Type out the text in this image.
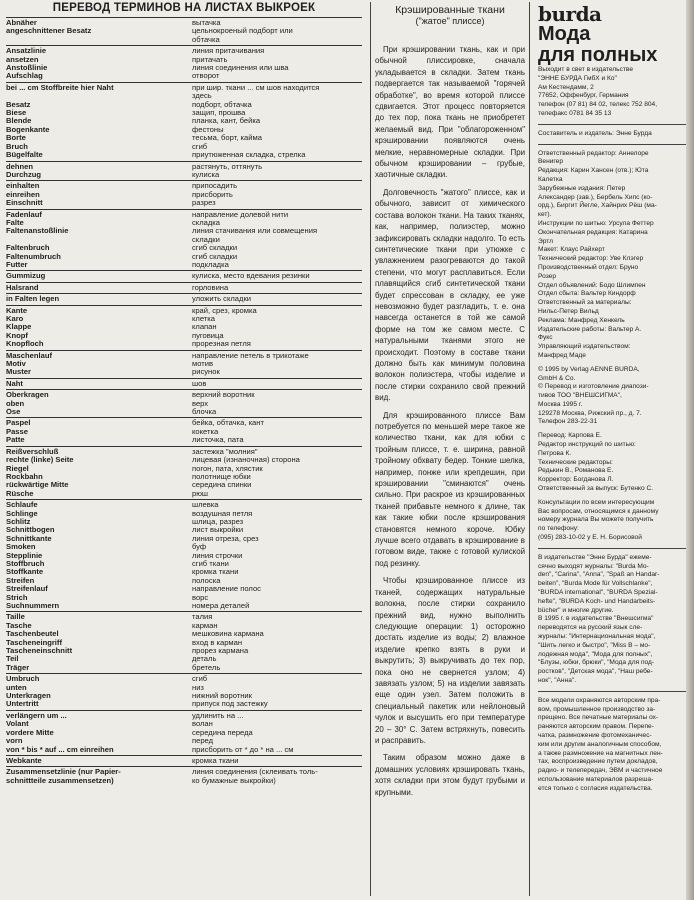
ПЕРЕВОД ТЕРМИНОВ НА ЛИСТАХ ВЫКРОЕК
Abnäher	вытачка
angeschnittener Besatz	цельнокроеный подборт или
обтачка
Ansatzlinie	линия притачивания
ansetzen	притачать
Anstoßlinie	линия соединения или шва
Aufschlag	отворот
bei ... cm Stoffbreite hier Naht	при шир. ткани ... см шов находится
здесь
Besatz	подборт, обтачка
Biese	защип, прошва
Blende	планка, кант, бейка
Bogenkante	фестоны
Borte	тесьма, борт, каймa
Bruch	сгиб
Bügelfalte	приутюженная складка, стрелка
dehnen	растянуть, оттянуть
Durchzug	кулиска
einhalten	припосадить
einreihen	присборить
Einschnitt	разрез
Fadenlauf	направление долевой нити
Falte	складка
Faltenanstoßlinie	линия стачивания или совмещения
складки
Faltenbruch	сгиб складки
Faltenumbruch	сгиб складки
Futter	подкладка
Gummizug	кулиска, место вдевания резинки
Halsrand	горловина
in Falten legen	уложить складки
Kante	край, срез, кромка
Karo	клетка
Klappe	клапан
Knopf	пуговица
Knopfloch	прорезная петля
Maschenlauf	направление петель в трикотаже
Motiv	мотив
Muster	рисунок
Naht	шов
Oberkragen	верхний воротник
oben	верх
Öse	блочка
Paspel	бейка, обтачка, кант
Passe	кокетка
Patte	листочка, пата
Reißverschluß	застежка "молния"
rechte (linke) Seite	лицевая (изнаночная) сторона
Riegel	погон, пата, хлястик
Rockbahn	полотнище юбки
rückwärtige Mitte	середина спинки
Rüsche	рюш
Schlaufe	шлевка
Schlinge	воздушная петля
Schlitz	шлица, разрез
Schnittbogen	лист выкройки
Schnittkante	линия отреза, срез
Smoken	буф
Stepplinie	линия строчки
Stoffbruch	сгиб ткани
Stoffkante	кромка ткани
Streifen	полоска
Streifenlauf	направление полос
Strich	ворс
Suchnummern	номера деталей
Taille	талия
Tasche	карман
Taschenbeutel	мешковина кармана
Tascheneingriff	вход в карман
Tascheneinschnitt	прорез кармана
Teil	деталь
Träger	бретель
Umbruch	сгиб
unten	низ
Unterkragen	нижний воротник
Untertritt	припуск под застежку
verlängern um ...	удлинить на ...
Volant	волан
vordere Mitte	середина переда
vorn	перед
von * bis * auf ... cm einreihen	присборить от * до * на ... см
Webkante	кромка ткани
Zusammensetzlinie (nur Papier-	линия соединения (склеивать толь-
schnittteile zusammensetzen)	ко бумажные выкройки)
Крэшированные ткани
("жатое" плиссе)

При крэшировании ткань, как и при обычной плиссировке, сначала укладывается в складки. Затем ткань подвергается так называемой "горячей обработке", во время которой плиссе сдвигается. Этот процесс повторяется до тех пор, пока ткань не приобретет желаемый вид. При "облагороженном" крэшировании появляются очень мелкие, неравномерные складки. При обычном крэшировании – грубые, хаотичные складки.

Долговечность "жатого" плиссе, как и обычного, зависит от химического состава волокон ткани. На таких тканях, как, например, полиэстер, можно зафиксировать складки надолго. То есть синтетические ткани при утюжке с увлажнением разогреваются до такой степени, что могут расплавиться. Если плавящийся сгиб синтетической ткани будет спрессован в складку, ее уже невозможно будет разгладить, т. е. она навсегда останется в той же самой форме на том же самом месте. С натуральными тканями этого не происходит. Поэтому в составе ткани должно быть как минимум половина волокон полиэстера, чтобы изделие и после стирки сохранило свой прежний вид.

Для крэшированного плиссе Вам потребуется по меньшей мере такое же количество ткани, как для юбки с тройным плиссе, т. е. ширина, равной тройному обхвату бедер. Тонкие шелка, например, понже или крепдешин, при крэшировании "сминаются" очень сильно. При раскрое из крэшированных тканей прибавьте немного к длине, так как такие юбки после крэширования становятся немного короче. Юбку лучше всего отдавать в крэширование в готовом виде, также с готовой кулиской под резинку.

Чтобы крэшированное плиссе из тканей, содержащих натуральные волокна, после стирки сохранило прежний вид, нужно выполнить следующие операции: 1) осторожно достать изделие из воды; 2) влажное изделие крепко взять в руки и выкрутить; 3) выкручивать до тех пор, пока оно не свернется узлом; 4) завязать узлом; 5) на изделии завязать еще один узел. Затем положить в специальный пакетик или нейлоновый чулок и высушить его при температуре 20 – 30° С. Затем встряхнуть, повесить и расправить.

Таким образом можно даже в домашних условиях крэшировать ткань, хотя складки при этом будут грубыми и крупными.

burda
Мода
для полных
Выходит в свет в издательстве
"ЭННЕ БУРДА ГмбХ и Ко"
Ам Кестендамм, 2
77652, Оффенбург, Германия
телефон (07 81) 84 02, телекс 752 804,
телефакс 0781 84 35 13
Составитель и издатель: Энне Бурда
Ответственный редактор: Аннелоре
Венигер
Редакция: Карин Хансен (отв.); Юта
Калетка
Зарубежные издания: Петер
Александер (зав.), Бербель Хипс (ко-
орд.), Биргит Йегле, Хайнрих Рёш (ма-
кет).
Инструкции по шитью: Урсула Феттер
Окончательная редакция: Катарина
Эртл
Макет: Клаус Райхерт
Технический редактор: Уве Клэгер
Производственный отдел: Бруно
Розер
Отдел объявлений: Бодо Шлимпен
Отдел сбыта: Вальтер Киндорф
Ответственный за материалы:
Нильс-Петер Вильд
Реклама: Манфред Хенкель
Издательские работы: Вальтер А.
Фукс
Управляющий издательством:
Манфред Маде
© 1995 by Verlag AENNE BURDA,
GmbH & Co.
© Перевод и изготовление диапози-
тивов ТОО "ВНЕШСИГМА",
Москва 1995 г.
129278 Москва, Рижский пр., д. 7.
Телефон 283-22-31
Перевод: Карпова Е.
Редактор инструкций по шитью:
Петрова К.
Технические редакторы:
Редькин В., Романова Е.
Корректор: Богданова Л.
Ответственный за выпуск: Бутенко С.
Консультации по всем интересующим
Вас вопросам, относящимся к данному
номеру журнала Вы можете получить
по телефону:
(095) 283-10-02 у Е. Н. Борисовой
В издательстве "Энне Бурда" ежеме-
сячно выходят журналы: "Burda Mo-
den", "Carina", "Anna", "Spaß an Handar-
beiten", "Burda Mode für Vollschlanke",
"BURDA international", "BURDA Spezial-
hefte", "BURDA Koch- und Handarbeits-
bücher" и многие другие.
В 1995 г. в издательстве "Внешсигма"
переводятся на русский язык сле-
журналы: "Интернациональная мода",
"Шить легко и быстро", "Miss B – мо-
лодежная мода", "Мода для полных",
"Блузы, юбки, брюки", "Мода для под-
ростков", "Детская мода", "Наш ребе-
нок", "Анна".
Все модели охраняются авторским пра-
вом, промышленное производство за-
прещено. Все печатные материалы ох-
раняются авторским правом. Перепе-
чатка, размножение фотомеханичес-
ким или другим аналогичным способом,
а также размножение на магнитных лен-
тах, воспроизведение путем докладов,
радио- и телепередач, ЭВМ и частичное
использование материалов разреша-
ется только с согласия издательства.
